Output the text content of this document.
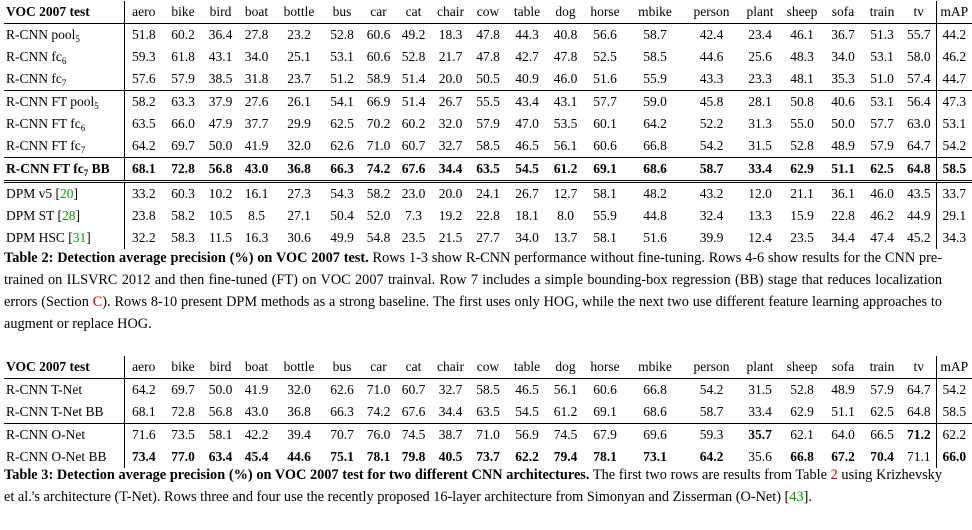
VOC 2007 test	aero	bike	bird	boat	bottle	bus	car	cat	chair	cow	table	dog	horse	mbike	person	plant	sheep	sofa	train	tv	mAP
R-CNN pool$_5$	51.8	60.2	36.4	27.8	23.2	52.8	60.6	49.2	18.3	47.8	44.3	40.8	56.6	58.7	42.4	23.4	46.1	36.7	51.3	55.7	44.2
R-CNN $fc_6$	59.3	61.8	43.1	34.0	25.1	53.1	60.6	52.8	21.7	47.8	42.7	47.8	52.5	58.5	44.6	25.6	48.3	34.0	53.1	58.0	46.2
R-CNN $fc_7$	57.6	57.9	38.5	31.8	23.7	51.2	58.9	51.4	20.0	50.5	40.9	46.0	51.6	55.9	43.3	23.3	48.1	35.3	51.0	57.4	44.7
R-CNN FT pool$_5$	58.2	63.3	37.9	27.6	26.1	54.1	66.9	51.4	26.7	55.5	43.4	43.1	57.7	59.0	45.8	28.1	50.8	40.6	53.1	56.4	47.3
R-CNN FT $fc_6$	63.5	66.0	47.9	37.7	29.9	62.5	70.2	60.2	32.0	57.9	47.0	53.5	60.1	64.2	52.2	31.3	55.0	50.0	57.7	63.0	53.1
R-CNN FT $fc_7$	64.2	69.7	50.0	41.9	32.0	62.6	71.0	60.7	32.7	58.5	46.5	56.1	60.6	66.8	54.2	31.5	52.8	48.9	57.9	64.7	54.2
R-CNN FT $fc_7$ BB	68.1	72.8	56.8	43.0	36.8	66.3	74.2	67.6	34.4	63.5	54.5	61.2	69.1	68.6	58.7	33.4	62.9	51.1	62.5	64.8	58.5
DPM v5 [20]	33.2	60.3	10.2	16.1	27.3	54.3	58.2	23.0	20.0	24.1	26.7	12.7	58.1	48.2	43.2	12.0	21.1	36.1	46.0	43.5	33.7
DPM ST [28]	23.8	58.2	10.5	8.5	27.1	50.4	52.0	7.3	19.2	22.8	18.1	8.0	55.9	44.8	32.4	13.3	15.9	22.8	46.2	44.9	29.1
DPM HSC [31]	32.2	58.3	11.5	16.3	30.6	49.9	54.8	23.5	21.5	27.7	34.0	13.7	58.1	51.6	39.9	12.4	23.5	34.4	47.4	45.2	34.3
Table 2: Detection average precision (%) on VOC 2007 test. Rows 1-3 show R-CNN performance without fine-tuning. Rows 4-6 show results for the CNN pre-trained on ILSVRC 2012 and then fine-tuned (FT) on VOC 2007 trainval. Row 7 includes a simple bounding-box regression (BB) stage that reduces localization errors (Section C). Rows 8-10 present DPM methods as a strong baseline. The first uses only HOG, while the next two use different feature learning approaches to augment or replace HOG.
VOC 2007 test	aero	bike	bird	boat	bottle	bus	car	cat	chair	cow	table	dog	horse	mbike	person	plant	sheep	sofa	train	tv	mAP
R-CNN T-Net	64.2	69.7	50.0	41.9	32.0	62.6	71.0	60.7	32.7	58.5	46.5	56.1	60.6	66.8	54.2	31.5	52.8	48.9	57.9	64.7	54.2
R-CNN T-Net BB	68.1	72.8	56.8	43.0	36.8	66.3	74.2	67.6	34.4	63.5	54.5	61.2	69.1	68.6	58.7	33.4	62.9	51.1	62.5	64.8	58.5
R-CNN O-Net	71.6	73.5	58.1	42.2	39.4	70.7	76.0	74.5	38.7	71.0	56.9	74.5	67.9	69.6	59.3	35.7	62.1	64.0	66.5	71.2	62.2
R-CNN O-Net BB	73.4	77.0	63.4	45.4	44.6	75.1	78.1	79.8	40.5	73.7	62.2	79.4	78.1	73.1	64.2	35.6	66.8	67.2	70.4	71.1	66.0
Table 3: Detection average precision (%) on VOC 2007 test for two different CNN architectures. The first two rows are results from Table 2 using Krizhevsky et al.'s architecture (T-Net). Rows three and four use the recently proposed 16-layer architecture from Simonyan and Zisserman (O-Net) [43].
